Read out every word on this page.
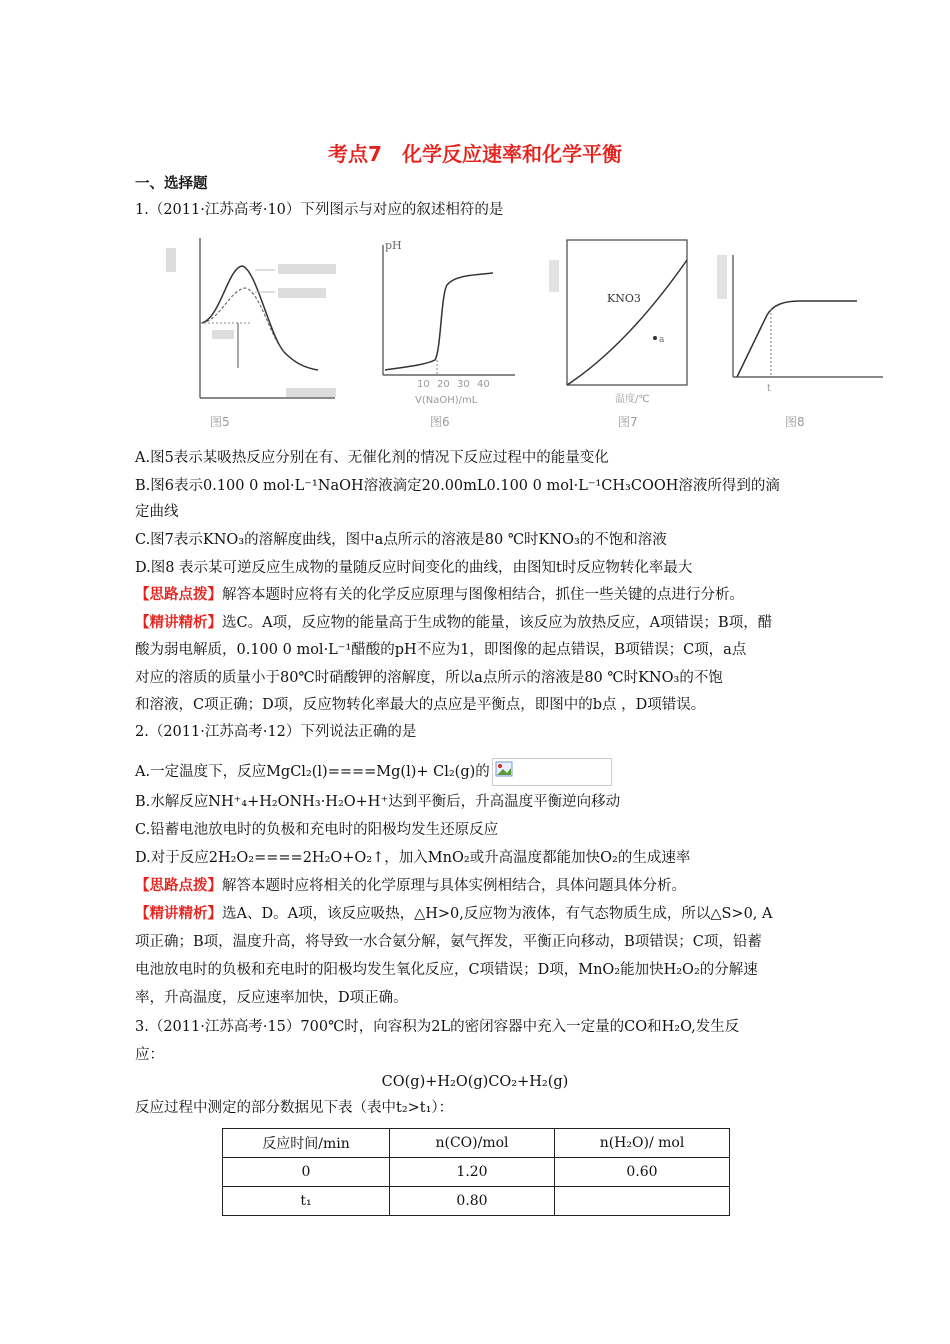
考点7　化学反应速率和化学平衡
一、选择题
1.（2011·江苏高考·10）下列图示与对应的叙述相符的是
图5
pH
10 20 30 40
V(NaOH)/mL
图6
KNO3
a
温度/℃
图7
t
图8
A.图5表示某吸热反应分别在有、无催化剂的情况下反应过程中的能量变化
B.图6表示0.100 0 mol·L⁻¹NaOH溶液滴定20.00mL0.100 0 mol·L⁻¹CH₃COOH溶液所得到的滴
定曲线
C.图7表示KNO₃的溶解度曲线，图中a点所示的溶液是80 ℃时KNO₃的不饱和溶液
D.图8 表示某可逆反应生成物的量随反应时间变化的曲线，由图知t时反应物转化率最大
【思路点拨】解答本题时应将有关的化学反应原理与图像相结合，抓住一些关键的点进行分析。
【精讲精析】选C。A项，反应物的能量高于生成物的能量，该反应为放热反应，A项错误；B项，醋
酸为弱电解质，0.100 0 mol·L⁻¹醋酸的pH不应为1，即图像的起点错误，B项错误；C项，a点
对应的溶质的质量小于80℃时硝酸钾的溶解度，所以a点所示的溶液是80 ℃时KNO₃的不饱
和溶液，C项正确；D项，反应物转化率最大的点应是平衡点，即图中的b点 ，D项错误。
2.（2011·江苏高考·12）下列说法正确的是
A.一定温度下，反应MgCl₂(l)====Mg(l)+ Cl₂(g)的
B.水解反应NH⁺₄+H₂ONH₃·H₂O+H⁺达到平衡后，升高温度平衡逆向移动
C.铅蓄电池放电时的负极和充电时的阳极均发生还原反应
D.对于反应2H₂O₂====2H₂O+O₂↑，加入MnO₂或升高温度都能加快O₂的生成速率
【思路点拨】解答本题时应将相关的化学原理与具体实例相结合，具体问题具体分析。
【精讲精析】选A、D。A项，该反应吸热，△H>0,反应物为液体，有气态物质生成，所以△S>0, A
项正确；B项，温度升高，将导致一水合氨分解，氨气挥发，平衡正向移动，B项错误；C项，铅蓄
电池放电时的负极和充电时的阳极均发生氧化反应，C项错误；D项，MnO₂能加快H₂O₂的分解速
率，升高温度，反应速率加快，D项正确。
3.（2011·江苏高考·15）700℃时，向容积为2L的密闭容器中充入一定量的CO和H₂O,发生反
应：
CO(g)+H₂O(g)CO₂+H₂(g)
反应过程中测定的部分数据见下表（表中t₂>t₁）：
反应时间/min	n(CO)/mol	n(H₂O)/ mol
0	1.20	0.60
t₁	0.80	
